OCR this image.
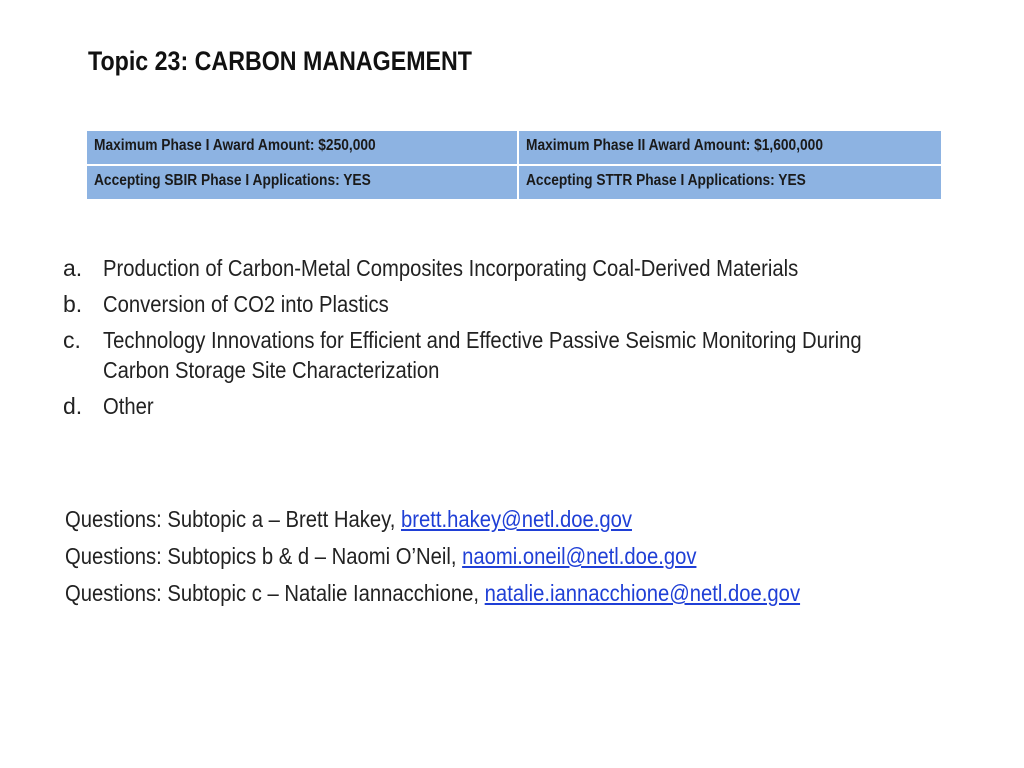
Topic 23: CARBON MANAGEMENT
Maximum Phase I Award Amount: $250,000	Maximum Phase II Award Amount: $1,600,000
Accepting SBIR Phase I Applications: YES	Accepting STTR Phase I Applications: YES
a. Production of Carbon-Metal Composites Incorporating Coal-Derived Materials
b. Conversion of CO2 into Plastics
c. Technology Innovations for Efficient and Effective Passive Seismic Monitoring During
Carbon Storage Site Characterization
d. Other
Questions: Subtopic a – Brett Hakey, brett.hakey@netl.doe.gov
Questions: Subtopics b & d – Naomi O’Neil, naomi.oneil@netl.doe.gov
Questions: Subtopic c – Natalie Iannacchione, natalie.iannacchione@netl.doe.gov
